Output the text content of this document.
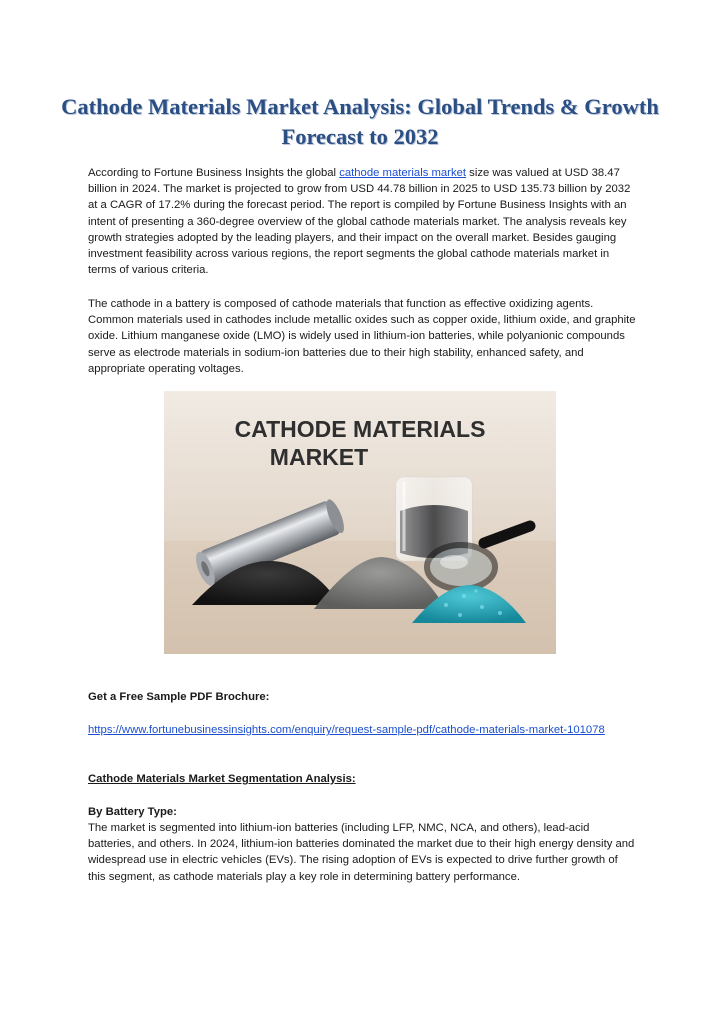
Cathode Materials Market Analysis: Global Trends & Growth Forecast to 2032

According to Fortune Business Insights the global cathode materials market size was valued at USD 38.47 billion in 2024. The market is projected to grow from USD 44.78 billion in 2025 to USD 135.73 billion by 2032 at a CAGR of 17.2% during the forecast period. The report is compiled by Fortune Business Insights with an intent of presenting a 360-degree overview of the global cathode materials market. The analysis reveals key growth strategies adopted by the leading players, and their impact on the overall market. Besides gauging investment feasibility across various regions, the report segments the global cathode materials market in terms of various criteria.

The cathode in a battery is composed of cathode materials that function as effective oxidizing agents. Common materials used in cathodes include metallic oxides such as copper oxide, lithium oxide, and graphite oxide. Lithium manganese oxide (LMO) is widely used in lithium-ion batteries, while polyanionic compounds serve as electrode materials in sodium-ion batteries due to their high stability, enhanced safety, and appropriate operating voltages.

CATHODE MATERIALS
MARKET

Get a Free Sample PDF Brochure:

https://www.fortunebusinessinsights.com/enquiry/request-sample-pdf/cathode-materials-market-101078

Cathode Materials Market Segmentation Analysis:

By Battery Type:

The market is segmented into lithium-ion batteries (including LFP, NMC, NCA, and others), lead-acid batteries, and others. In 2024, lithium-ion batteries dominated the market due to their high energy density and widespread use in electric vehicles (EVs). The rising adoption of EVs is expected to drive further growth of this segment, as cathode materials play a key role in determining battery performance.
